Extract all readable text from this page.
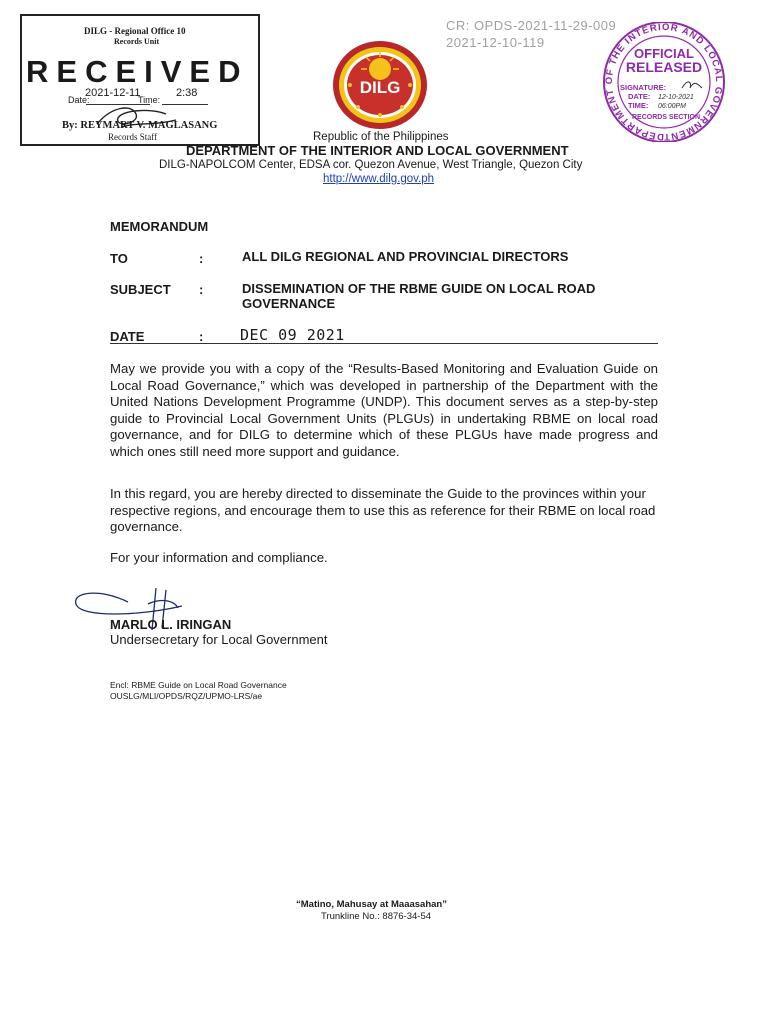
DILG - Regional Office 10
Records Unit
RECEIVED
Date:
2021-12-11
Time:
2:38
By: REYMART V. MAGLASANG
Records Staff
CR: OPDS-2021-11-29-009
2021-12-10-119
DILG
DEPARTMENT OF THE INTERIOR AND LOCAL GOVERNMENT
OFFICIAL
RELEASED
SIGNATURE:
DATE: 12-10-2021
TIME: 06:00PM
RECORDS SECTION
Republic of the Philippines
DEPARTMENT OF THE INTERIOR AND LOCAL GOVERNMENT
DILG-NAPOLCOM Center, EDSA cor. Quezon Avenue, West Triangle, Quezon City
http://www.dilg.gov.ph
MEMORANDUM
TO	:	ALL DILG REGIONAL AND PROVINCIAL DIRECTORS
SUBJECT :	DISSEMINATION OF THE RBME GUIDE ON LOCAL ROAD GOVERNANCE
DATE	: DEC 09 2021

May we provide you with a copy of the “Results-Based Monitoring and Evaluation Guide on Local Road Governance,” which was developed in partnership of the Department with the United Nations Development Programme (UNDP). This document serves as a step-by-step guide to Provincial Local Government Units (PLGUs) in undertaking RBME on local road governance, and for DILG to determine which of these PLGUs have made progress and which ones still need more support and guidance.

In this regard, you are hereby directed to disseminate the Guide to the provinces within your respective regions, and encourage them to use this as reference for their RBME on local road governance.

For your information and compliance.

MARLO L. IRINGAN
Undersecretary for Local Government
Encl: RBME Guide on Local Road Governance
OUSLG/MLI/OPDS/RQZ/UPMO-LRS/ae
“Matino, Mahusay at Maaasahan”
Trunkline No.: 8876-34-54
